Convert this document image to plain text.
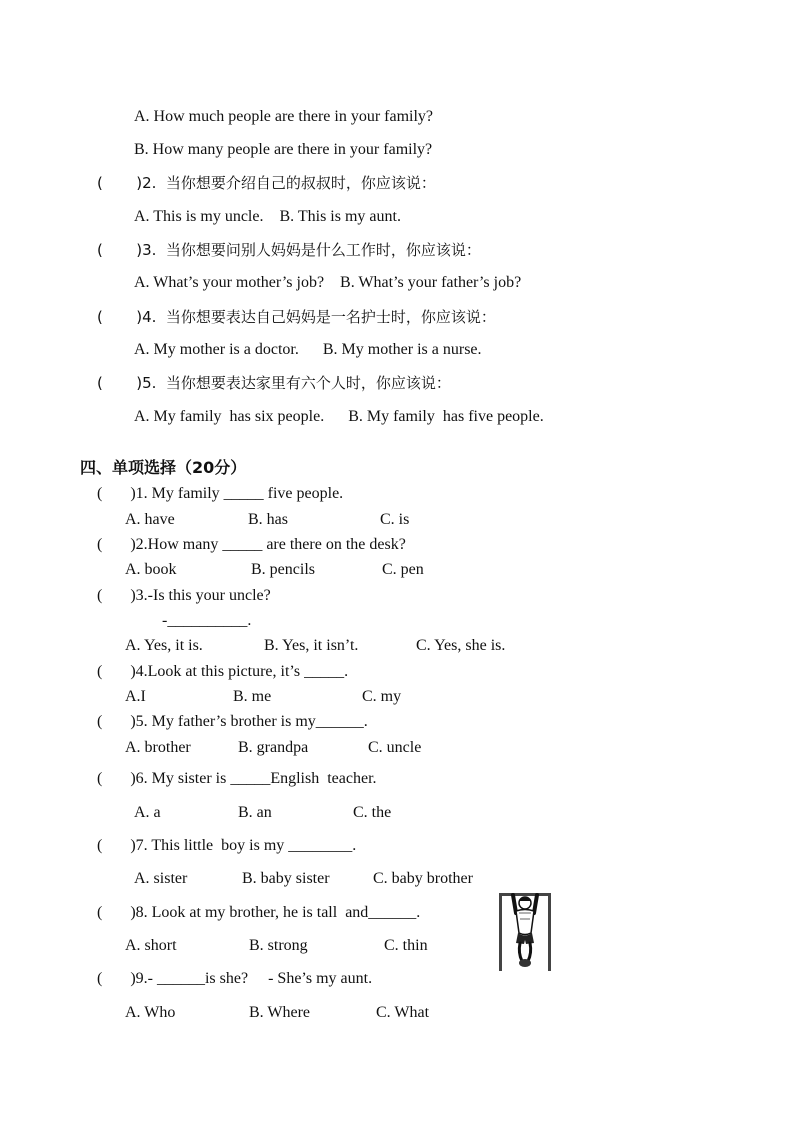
A. How much people are there in your family?
B. How many people are there in your family?
(       )2.  当你想要介绍自己的叔叔时，你应该说：
A. This is my uncle.    B. This is my aunt.
(       )3.  当你想要问别人妈妈是什么工作时，你应该说：
A. What’s your mother’s job?    B. What’s your father’s job?
(       )4.  当你想要表达自己妈妈是一名护士时，你应该说：
A. My mother is a doctor.      B. My mother is a nurse.
(       )5.  当你想要表达家里有六个人时，你应该说：
A. My family  has six people.      B. My family  has five people.
四、单项选择（20分）
(       )1. My family _____ five people.
A. have	B. has	C. is
(       )2.How many _____ are there on the desk?
A. book	B. pencils	C. pen
(       )3.-Is this your uncle?
-__________.
A. Yes, it is.	B. Yes, it isn’t.	C. Yes, she is.
(       )4.Look at this picture, it’s _____.
A.I	B. me	C. my
(       )5. My father’s brother is my______.
A. brother	B. grandpa	C. uncle
(       )6. My sister is _____English  teacher.
A. a	B. an	C. the
(       )7. This little  boy is my ________.
A. sister	B. baby sister	C. baby brother
(       )8. Look at my brother, he is tall  and______.
A. short	B. strong	C. thin
(       )9.- ______is she?     - She’s my aunt.
A. Who	B. Where	C. What
